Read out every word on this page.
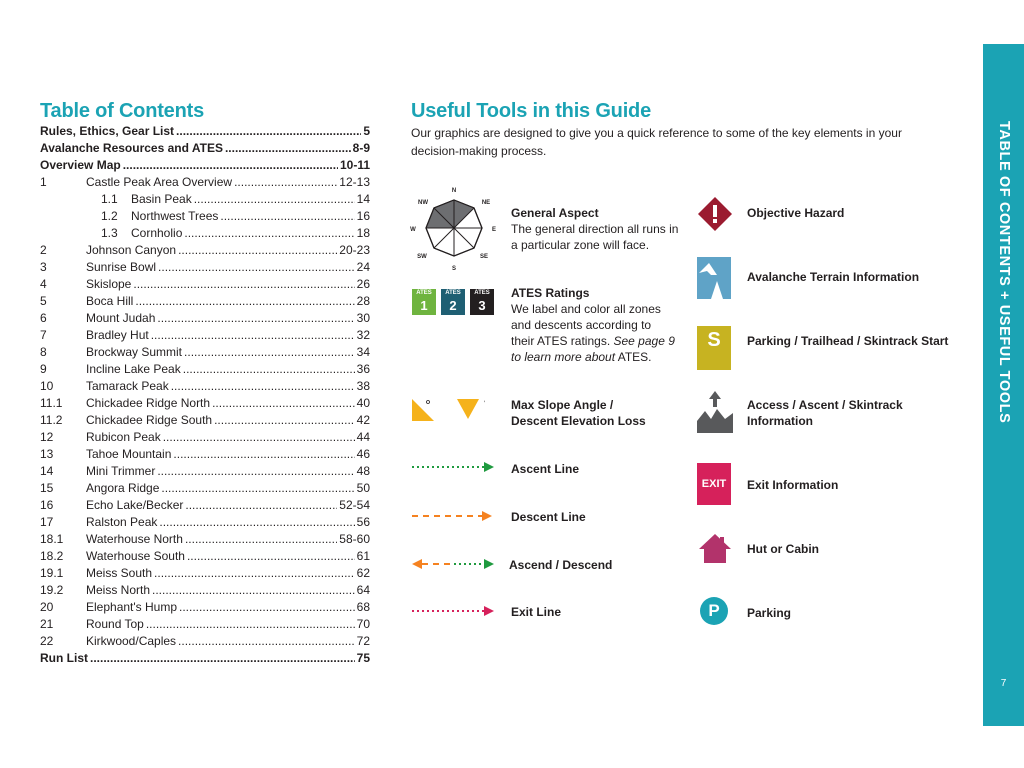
TABLE OF CONTENTS + USEFUL TOOLS
7
Table of Contents
Rules, Ethics, Gear List .....	5
Avalanche Resources and ATES .....	8-9
Overview Map .....	10-11
1	Castle Peak Area Overview .....	12-13
1.1	Basin Peak .....	14
1.2	Northwest Trees .....	16
1.3	Cornholio .....	18
2	Johnson Canyon .....	20-23
3	Sunrise Bowl .....	24
4	Skislope .....	26
5	Boca Hill .....	28
6	Mount Judah .....	30
7	Bradley Hut .....	32
8	Brockway Summit .....	34
9	Incline Lake Peak .....	36
10	Tamarack Peak .....	38
11.1	Chickadee Ridge North .....	40
11.2	Chickadee Ridge South .....	42
12	Rubicon Peak .....	44
13	Tahoe Mountain .....	46
14	Mini Trimmer .....	48
15	Angora Ridge .....	50
16	Echo Lake/Becker .....	52-54
17	Ralston Peak .....	56
18.1	Waterhouse North .....	58-60
18.2	Waterhouse South .....	61
19.1	Meiss South .....	62
19.2	Meiss North .....	64
20	Elephant's Hump .....	68
21	Round Top .....	70
22	Kirkwood/Caples .....	72
Run List .....	75
Useful Tools in this Guide
Our graphics are designed to give you a quick reference to some of the key elements in your decision-making process.
N
NE
E
SE
S
SW
W
NW
General Aspect
The general direction all runs in a particular zone will face.
ATES
1
ATES
2
ATES
3
ATES Ratings
We label and color all zones and descents according to their ATES ratings. See page 9 to learn more about ATES.
‘ Max Slope Angle /
Descent Elevation Loss
Ascent Line
Descent Line
Ascend / Descend
Exit Line
Objective Hazard
Avalanche Terrain Information
S	Parking / Trailhead / Skintrack Start
Access / Ascent / Skintrack
Information
EXIT	Exit Information
Hut or Cabin
P	Parking
